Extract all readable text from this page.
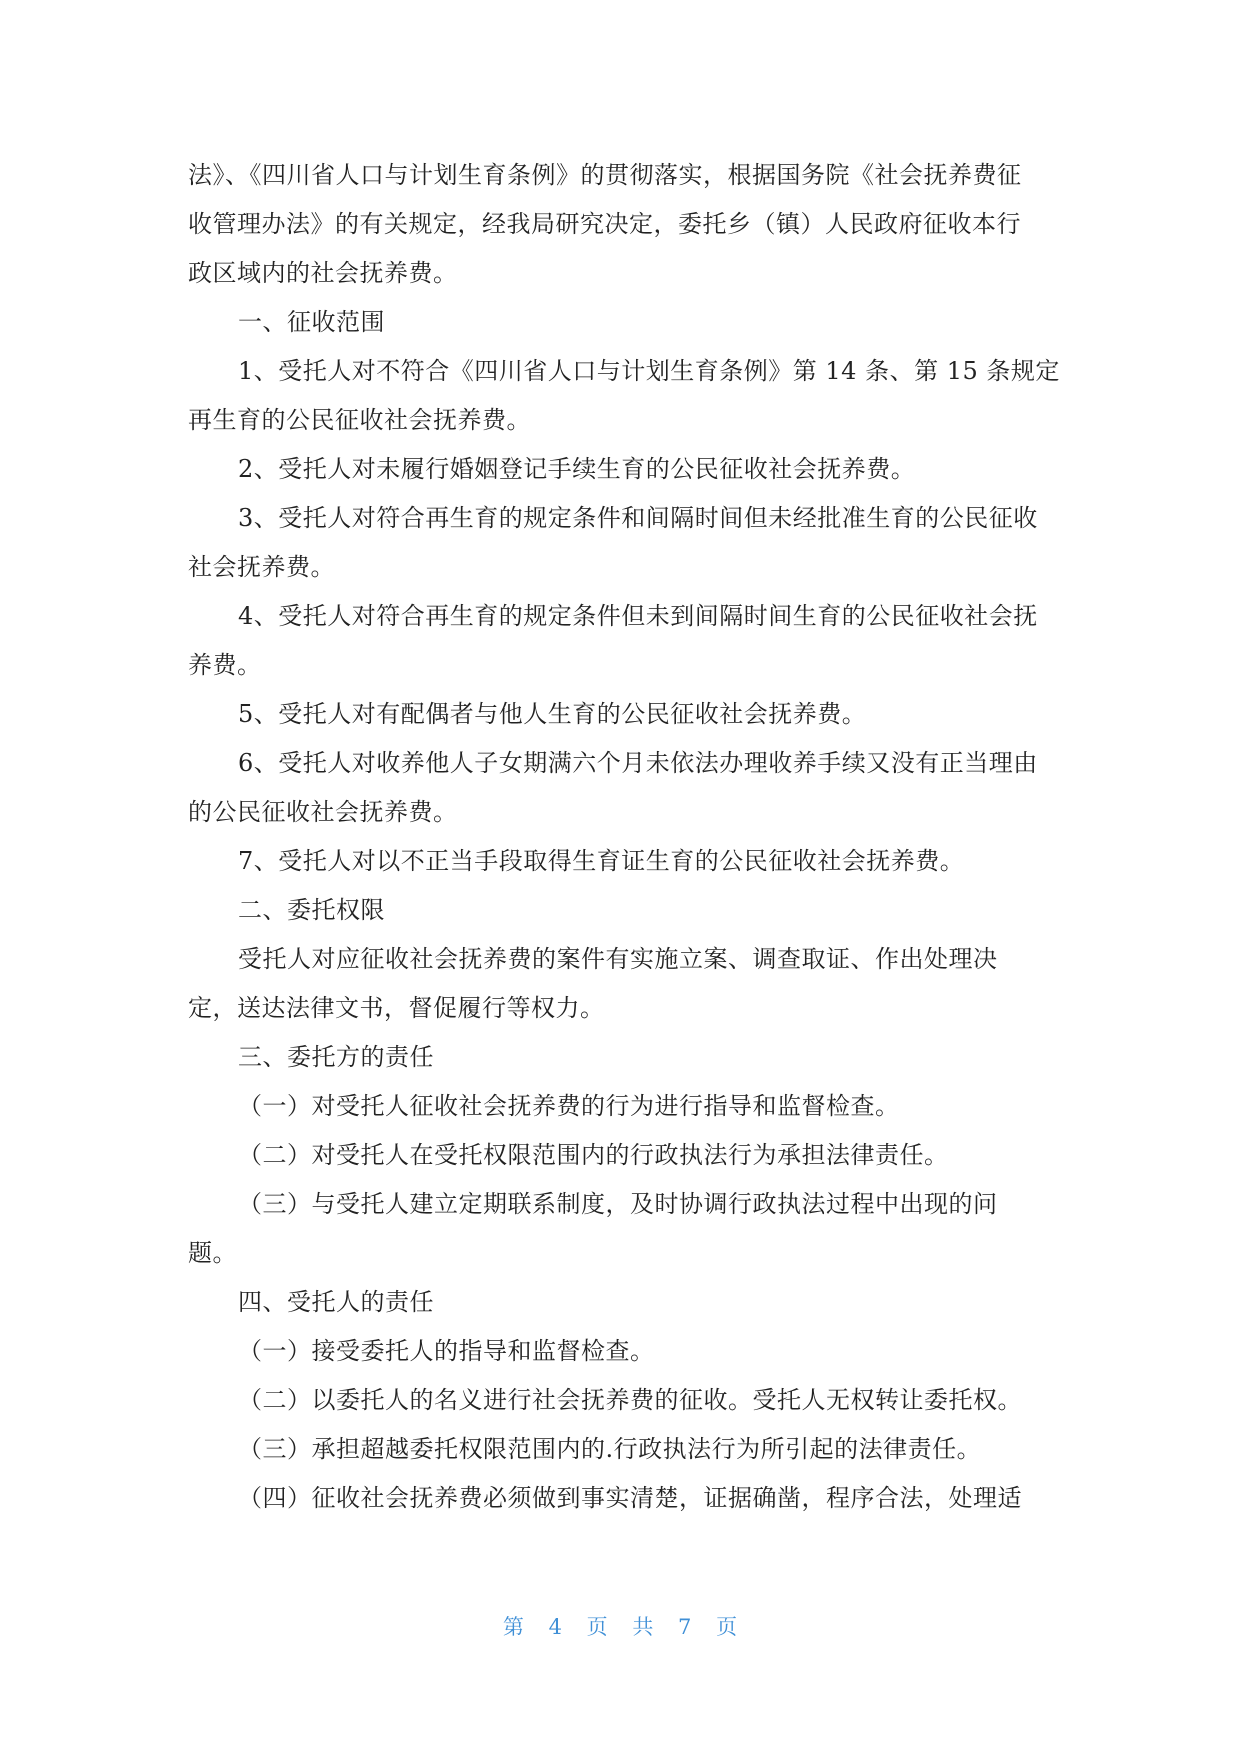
法》、《四川省人口与计划生育条例》的贯彻落实，根据国务院《社会抚养费征
收管理办法》的有关规定，经我局研究决定，委托乡（镇）人民政府征收本行
政区域内的社会抚养费。
一、征收范围
1、受托人对不符合《四川省人口与计划生育条例》第 14 条、第 15 条规定
再生育的公民征收社会抚养费。
2、受托人对未履行婚姻登记手续生育的公民征收社会抚养费。
3、受托人对符合再生育的规定条件和间隔时间但未经批准生育的公民征收
社会抚养费。
4、受托人对符合再生育的规定条件但未到间隔时间生育的公民征收社会抚
养费。
5、受托人对有配偶者与他人生育的公民征收社会抚养费。
6、受托人对收养他人子女期满六个月未依法办理收养手续又没有正当理由
的公民征收社会抚养费。
7、受托人对以不正当手段取得生育证生育的公民征收社会抚养费。
二、委托权限
受托人对应征收社会抚养费的案件有实施立案、调查取证、作出处理决
定，送达法律文书，督促履行等权力。
三、委托方的责任
（一）对受托人征收社会抚养费的行为进行指导和监督检查。
（二）对受托人在受托权限范围内的行政执法行为承担法律责任。
（三）与受托人建立定期联系制度，及时协调行政执法过程中出现的问
题。
四、受托人的责任
（一）接受委托人的指导和监督检查。
（二）以委托人的名义进行社会抚养费的征收。受托人无权转让委托权。
（三）承担超越委托权限范围内的.行政执法行为所引起的法律责任。
（四）征收社会抚养费必须做到事实清楚，证据确凿，程序合法，处理适
第 4 页 共 7 页
